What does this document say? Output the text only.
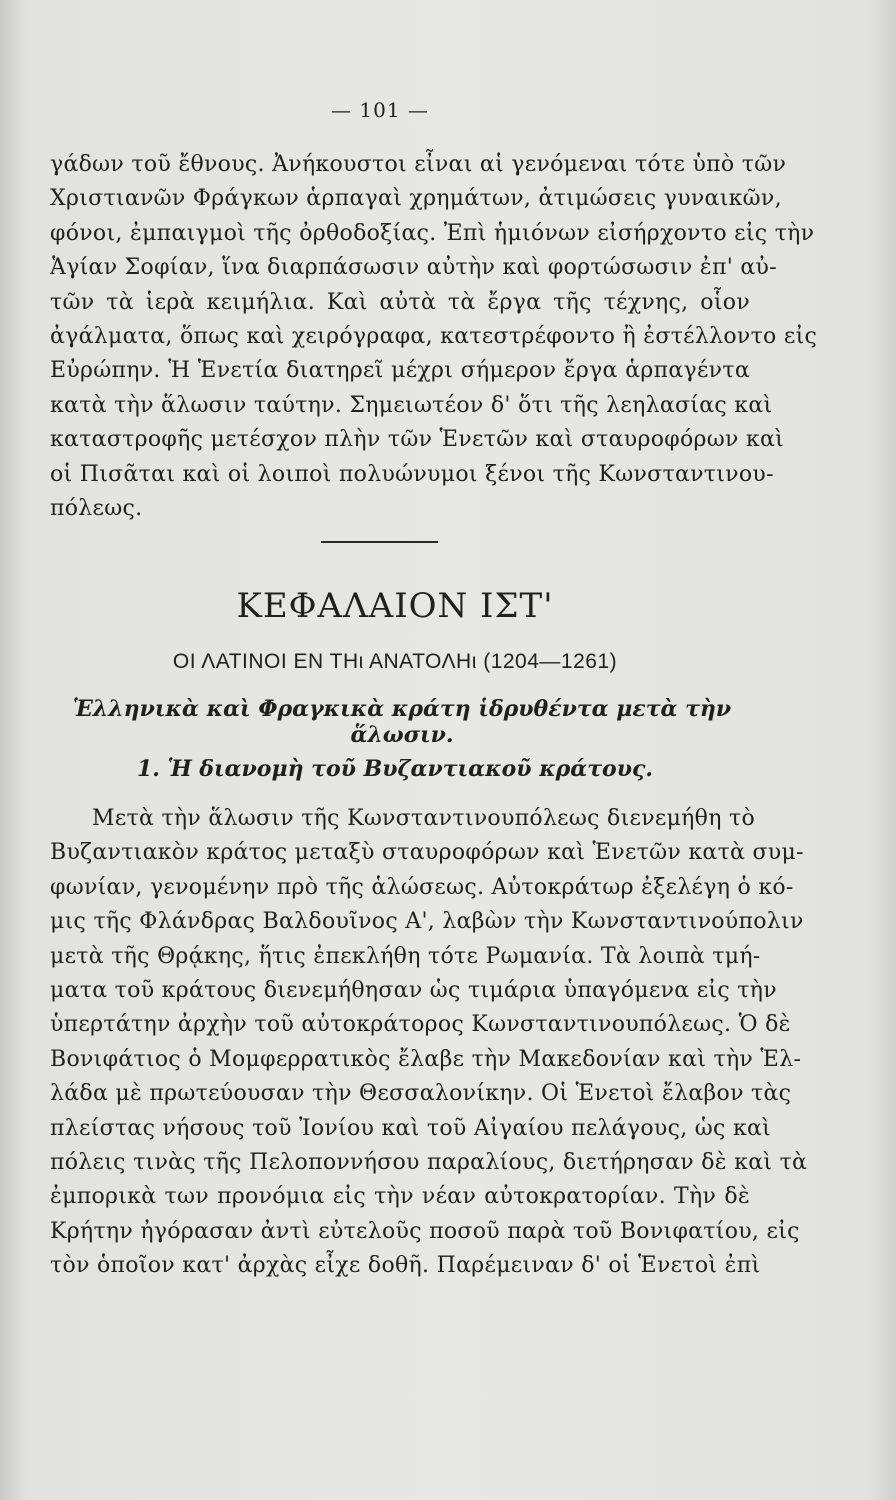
— 101 —
γάδων τοῦ ἔθνους. Ἀνήκουστοι εἶναι αἱ γενόμεναι τότε ὑπὸ τῶν
Χριστιανῶν Φράγκων ἁρπαγαὶ χρημάτων, ἀτιμώσεις γυναικῶν,
φόνοι, ἐμπαιγμοὶ τῆς ὀρθοδοξίας. Ἐπὶ ἡμιόνων εἰσήρχοντο εἰς τὴν
Ἁγίαν Σοφίαν, ἵνα διαρπάσωσιν αὐτὴν καὶ φορτώσωσιν ἐπ' αὐ-
τῶν τὰ ἱερὰ κειμήλια. Καὶ αὐτὰ τὰ ἔργα τῆς τέχνης, οἷον
ἀγάλματα, ὅπως καὶ χειρόγραφα, κατεστρέφοντο ἢ ἐστέλλοντο εἰς
Εὐρώπην. Ἡ Ἑνετία διατηρεῖ μέχρι σήμερον ἔργα ἁρπαγέντα
κατὰ τὴν ἅλωσιν ταύτην. Σημειωτέον δ' ὅτι τῆς λεηλασίας καὶ
καταστροφῆς μετέσχον πλὴν τῶν Ἑνετῶν καὶ σταυροφόρων καὶ
οἱ Πισᾶται καὶ οἱ λοιποὶ πολυώνυμοι ξένοι τῆς Κωνσταντινου-
πόλεως.
ΚΕΦΑΛΑΙΟΝ ΙΣΤ'
ΟΙ ΛΑΤΙΝΟΙ ΕΝ ΤΗι ΑΝΑΤΟΛΗι (1204—1261)
Ἑλληνικὰ καὶ Φραγκικὰ κράτη ἱδρυθέντα μετὰ τὴν ἅλωσιν.
1. Ἡ διανομὴ τοῦ Βυζαντιακοῦ κράτους.
Μετὰ τὴν ἅλωσιν τῆς Κωνσταντινουπόλεως διενεμήθη τὸ
Βυζαντιακὸν κράτος μεταξὺ σταυροφόρων καὶ Ἑνετῶν κατὰ συμ-
φωνίαν, γενομένην πρὸ τῆς ἁλώσεως. Αὐτοκράτωρ ἐξελέγη ὁ κό-
μις τῆς Φλάνδρας Βαλδουῖνος Α', λαβὼν τὴν Κωνσταντινούπολιν
μετὰ τῆς Θρᾴκης, ἥτις ἐπεκλήθη τότε Ρωμανία. Τὰ λοιπὰ τμή-
ματα τοῦ κράτους διενεμήθησαν ὡς τιμάρια ὑπαγόμενα εἰς τὴν
ὑπερτάτην ἀρχὴν τοῦ αὐτοκράτορος Κωνσταντινουπόλεως. Ὁ δὲ
Βονιφάτιος ὁ Μομφερρατικὸς ἔλαβε τὴν Μακεδονίαν καὶ τὴν Ἑλ-
λάδα μὲ πρωτεύουσαν τὴν Θεσσαλονίκην. Οἱ Ἑνετοὶ ἔλαβον τὰς
πλείστας νήσους τοῦ Ἰονίου καὶ τοῦ Αἰγαίου πελάγους, ὡς καὶ
πόλεις τινὰς τῆς Πελοποννήσου παραλίους, διετήρησαν δὲ καὶ τὰ
ἐμπορικὰ των προνόμια εἰς τὴν νέαν αὐτοκρατορίαν. Τὴν δὲ
Κρήτην ἠγόρασαν ἀντὶ εὐτελοῦς ποσοῦ παρὰ τοῦ Βονιφατίου, εἰς
τὸν ὁποῖον κατ' ἀρχὰς εἶχε δοθῆ. Παρέμειναν δ' οἱ Ἑνετοὶ ἐπὶ
